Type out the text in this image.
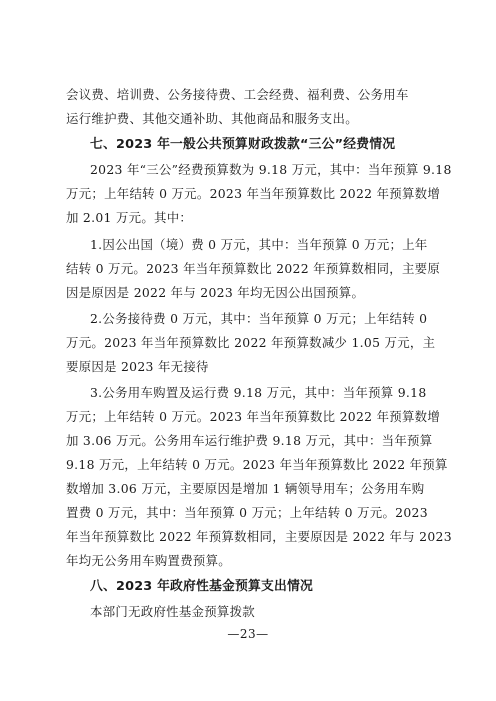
会议费、培训费、公务接待费、工会经费、福利费、公务用车
运行维护费、其他交通补助、其他商品和服务支出。
七、2023 年一般公共预算财政拨款“三公”经费情况
2023 年“三公”经费预算数为 9.18 万元，其中：当年预算 9.18
万元；上年结转 0 万元。2023 年当年预算数比 2022 年预算数增
加 2.01 万元。其中：
1.因公出国（境）费 0 万元，其中：当年预算 0 万元；上年
结转 0 万元。2023 年当年预算数比 2022 年预算数相同，主要原
因是原因是 2022 年与 2023 年均无因公出国预算。
2.公务接待费 0 万元，其中：当年预算 0 万元；上年结转 0
万元。2023 年当年预算数比 2022 年预算数减少 1.05 万元，主
要原因是 2023 年无接待
3.公务用车购置及运行费 9.18 万元，其中：当年预算 9.18
万元；上年结转 0 万元。2023 年当年预算数比 2022 年预算数增
加 3.06 万元。公务用车运行维护费 9.18 万元，其中：当年预算
9.18 万元，上年结转 0 万元。2023 年当年预算数比 2022 年预算
数增加 3.06 万元，主要原因是增加 1 辆领导用车；公务用车购
置费 0 万元，其中：当年预算 0 万元；上年结转 0 万元。2023
年当年预算数比 2022 年预算数相同，主要原因是 2022 年与 2023
年均无公务用车购置费预算。
八、2023 年政府性基金预算支出情况
本部门无政府性基金预算拨款
—23—
